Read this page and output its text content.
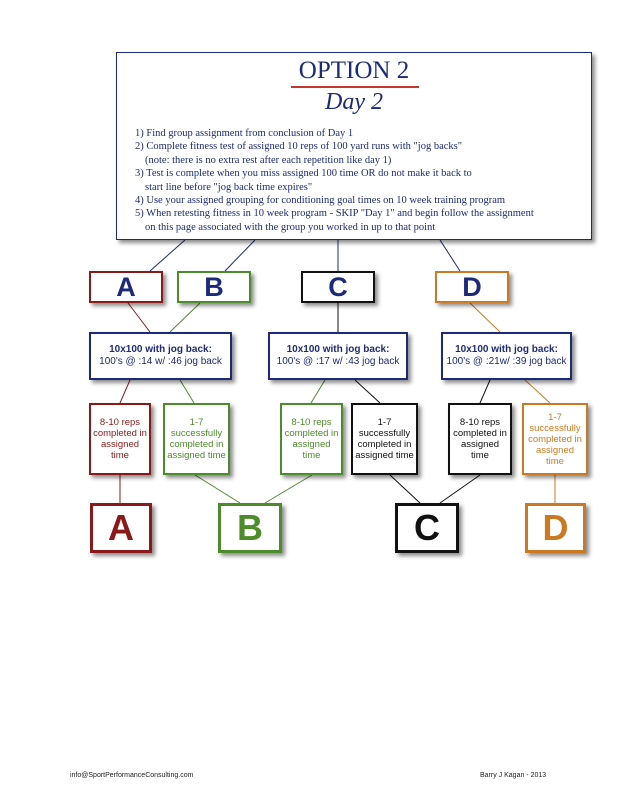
OPTION 2
Day 2
1) Find group assignment from conclusion of Day 1
2) Complete fitness test of assigned 10 reps of 100 yard runs with "jog backs"
(note: there is no extra rest after each repetition like day 1)
3) Test is complete when you miss assigned 100 time OR do not make it back to
start line before "jog back time expires"
4) Use your assigned grouping for conditioning goal times on 10 week training program
5) When retesting fitness in 10 week program - SKIP "Day 1" and begin follow the assignment
on this page associated with the group you worked in up to that point
A	B	C	D
10x100 with jog back:
100's @ :14 w/ :46 jog back
10x100 with jog back:
100's @ :17 w/ :43 jog back
10x100 with jog back:
100's @ :21w/ :39 jog back
8-10 reps completed in assigned time
1-7 successfully completed in assigned time
8-10 reps completed in assigned time
1-7 successfully completed in assigned time
8-10 reps completed in assigned time
1-7 successfully completed in assigned time
A	B	C	D
info@SportPerformanceConsulting.com	Barry J Kagan - 2013
